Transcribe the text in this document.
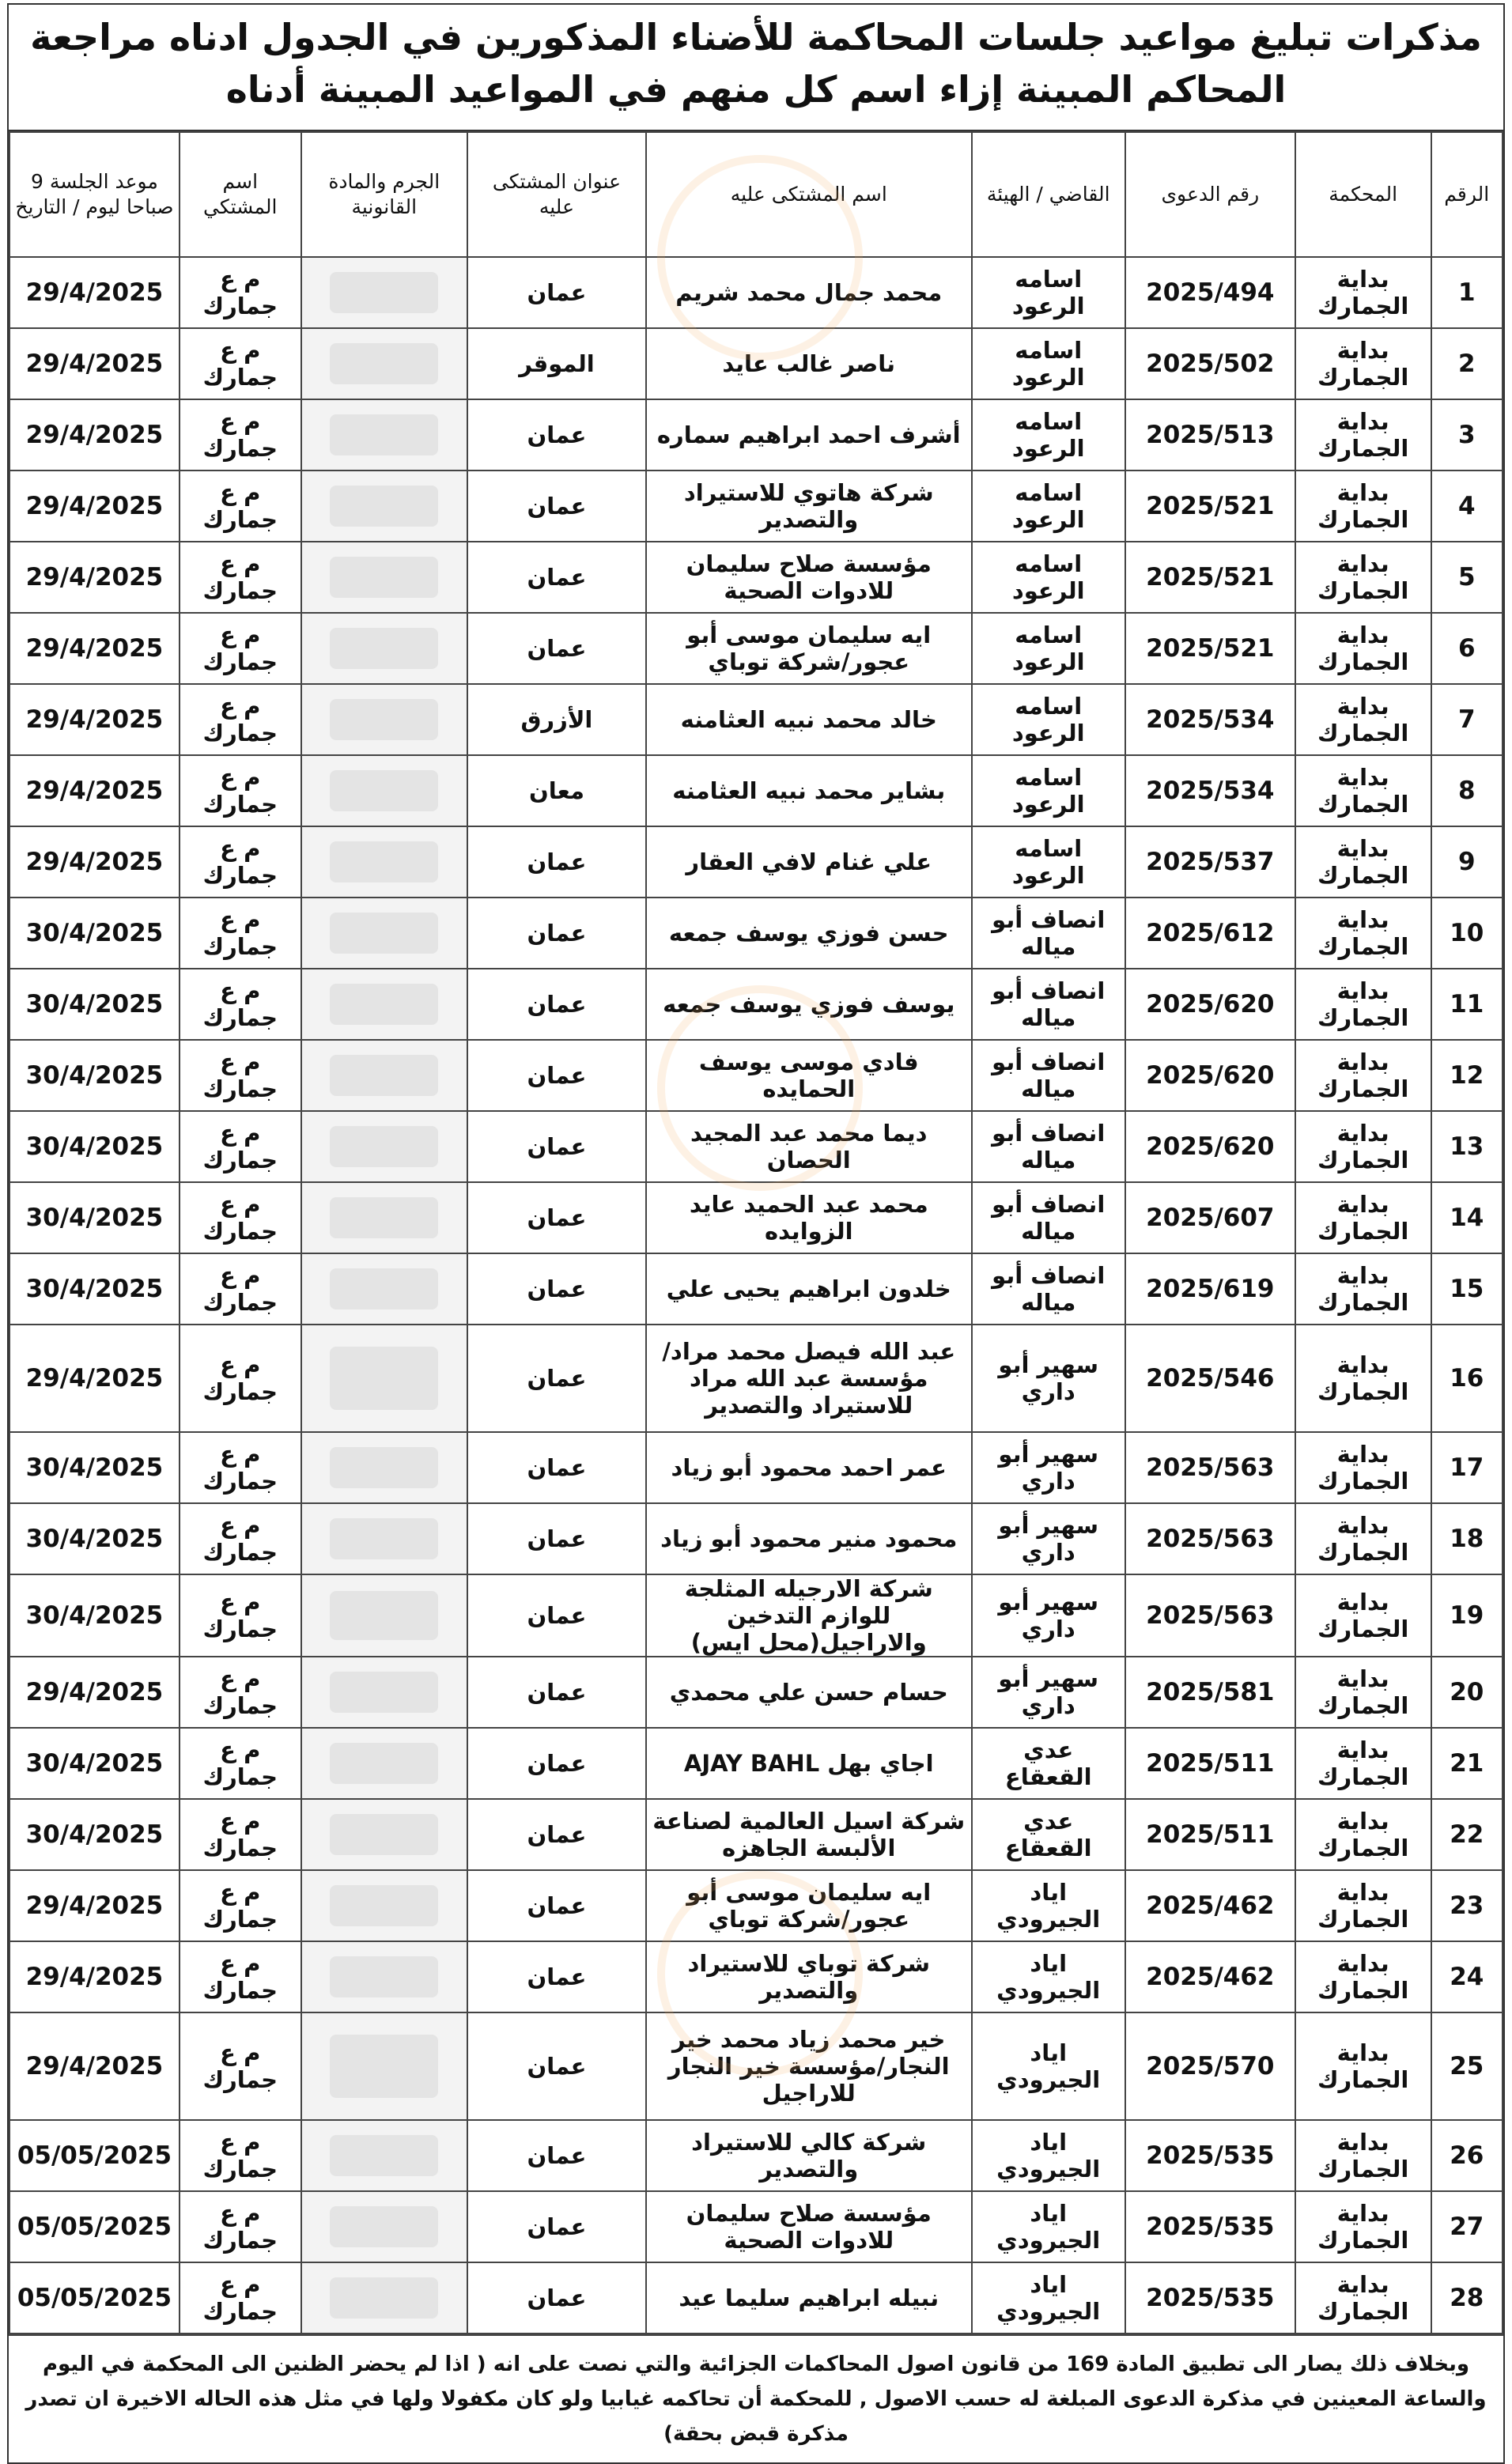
مذكرات تبليغ مواعيد جلسات المحاكمة للأضناء المذكورين في الجدول ادناه مراجعة المحاكم المبينة إزاء اسم كل منهم في المواعيد المبينة أدناه
الرقم	المحكمة	رقم الدعوى	القاضي / الهيئة	اسم المشتكى عليه	عنوان المشتكى عليه	الجرم والمادة القانونية	اسم المشتكي	موعد الجلسة 9 صباحا ليوم / التاريخ
1	بداية الجمارك	2025/494	اسامه الرعود	محمد جمال محمد شريم	عمان		م ع جمارك	29/4/2025
2	بداية الجمارك	2025/502	اسامه الرعود	ناصر غالب عايد	الموقر		م ع جمارك	29/4/2025
3	بداية الجمارك	2025/513	اسامه الرعود	أشرف احمد ابراهيم سماره	عمان		م ع جمارك	29/4/2025
4	بداية الجمارك	2025/521	اسامه الرعود	شركة هاتوي للاستيراد والتصدير	عمان		م ع جمارك	29/4/2025
5	بداية الجمارك	2025/521	اسامه الرعود	مؤسسة صلاح سليمان للادوات الصحية	عمان		م ع جمارك	29/4/2025
6	بداية الجمارك	2025/521	اسامه الرعود	ايه سليمان موسى أبو عجور/شركة توباي	عمان		م ع جمارك	29/4/2025
7	بداية الجمارك	2025/534	اسامه الرعود	خالد محمد نبيه العثامنه	الأزرق		م ع جمارك	29/4/2025
8	بداية الجمارك	2025/534	اسامه الرعود	بشاير محمد نبيه العثامنه	معان		م ع جمارك	29/4/2025
9	بداية الجمارك	2025/537	اسامه الرعود	علي غنام لافي العقار	عمان		م ع جمارك	29/4/2025
10	بداية الجمارك	2025/612	انصاف أبو مياله	حسن فوزي يوسف جمعه	عمان		م ع جمارك	30/4/2025
11	بداية الجمارك	2025/620	انصاف أبو مياله	يوسف فوزي يوسف جمعه	عمان		م ع جمارك	30/4/2025
12	بداية الجمارك	2025/620	انصاف أبو مياله	فادي موسى يوسف الحمايده	عمان		م ع جمارك	30/4/2025
13	بداية الجمارك	2025/620	انصاف أبو مياله	ديما محمد عبد المجيد الحصان	عمان		م ع جمارك	30/4/2025
14	بداية الجمارك	2025/607	انصاف أبو مياله	محمد عبد الحميد عايد الزوايده	عمان		م ع جمارك	30/4/2025
15	بداية الجمارك	2025/619	انصاف أبو مياله	خلدون ابراهيم يحيى علي	عمان		م ع جمارك	30/4/2025
16	بداية الجمارك	2025/546	سهير أبو داري	عبد الله فيصل محمد مراد/مؤسسة عبد الله مراد للاستيراد والتصدير	عمان		م ع جمارك	29/4/2025
17	بداية الجمارك	2025/563	سهير أبو داري	عمر احمد محمود أبو زياد	عمان		م ع جمارك	30/4/2025
18	بداية الجمارك	2025/563	سهير أبو داري	محمود منير محمود أبو زياد	عمان		م ع جمارك	30/4/2025
19	بداية الجمارك	2025/563	سهير أبو داري	شركة الارجيله المثلجة للوازم التدخين والاراجيل(محل ايس)	عمان		م ع جمارك	30/4/2025
20	بداية الجمارك	2025/581	سهير أبو داري	حسام حسن علي محمدي	عمان		م ع جمارك	29/4/2025
21	بداية الجمارك	2025/511	عدي القعقاع	اجاي بهل AJAY BAHL	عمان		م ع جمارك	30/4/2025
22	بداية الجمارك	2025/511	عدي القعقاع	شركة اسيل العالمية لصناعة الألبسة الجاهزه	عمان		م ع جمارك	30/4/2025
23	بداية الجمارك	2025/462	اياد الجيرودي	ايه سليمان موسى أبو عجور/شركة توباي	عمان		م ع جمارك	29/4/2025
24	بداية الجمارك	2025/462	اياد الجيرودي	شركة توباي للاستيراد والتصدير	عمان		م ع جمارك	29/4/2025
25	بداية الجمارك	2025/570	اياد الجيرودي	خير محمد زياد محمد خير النجار/مؤسسة خير النجار للاراجيل	عمان		م ع جمارك	29/4/2025
26	بداية الجمارك	2025/535	اياد الجيرودي	شركة كالي للاستيراد والتصدير	عمان		م ع جمارك	05/05/2025
27	بداية الجمارك	2025/535	اياد الجيرودي	مؤسسة صلاح سليمان للادوات الصحية	عمان		م ع جمارك	05/05/2025
28	بداية الجمارك	2025/535	اياد الجيرودي	نبيله ابراهيم سليما عيد	عمان		م ع جمارك	05/05/2025
وبخلاف ذلك يصار الى تطبيق المادة 169 من قانون اصول المحاكمات الجزائية والتي نصت على انه ( اذا لم يحضر الظنين الى المحكمة في اليوم والساعة المعينين في مذكرة الدعوى المبلغة له حسب الاصول , للمحكمة أن تحاكمه غيابيا ولو كان مكفولا ولها في مثل هذه الحاله الاخيرة ان تصدر مذكرة قبض بحقة)
